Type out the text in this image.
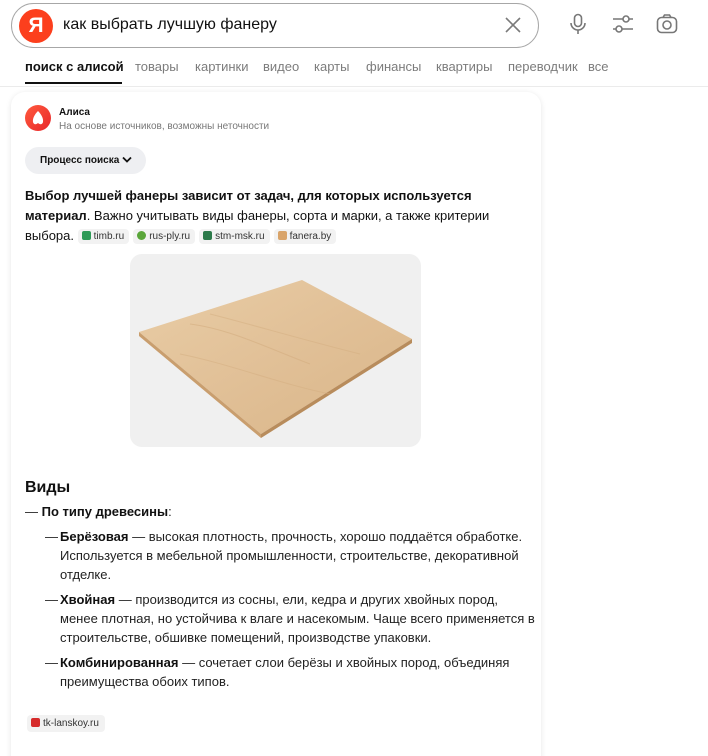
Я	как выбрать лучшую фанеру
поиск с алисой товары картинки видео карты финансы квартиры переводчик все
Алиса
На основе источников, возможны неточности
Процесс поиска
Выбор лучшей фанеры зависит от задач, для которых используется материал. Важно учитывать виды фанеры, сорта и марки, а также критерии выбора. timb.ru	rus-ply.ru	stm-msk.ru	fanera.by
Виды
— По типу древесины:
— Берёзовая — высокая плотность, прочность, хорошо поддаётся обработке. Используется в мебельной промышленности, строительстве, декоративной отделке.
— Хвойная — производится из сосны, ели, кедра и других хвойных пород, менее плотная, но устойчива к влаге и насекомым. Чаще всего применяется в строительстве, обшивке помещений, производстве упаковки.
— Комбинированная — сочетает слои берёзы и хвойных пород, объединяя преимущества обоих типов.
tk-lanskoy.ru
